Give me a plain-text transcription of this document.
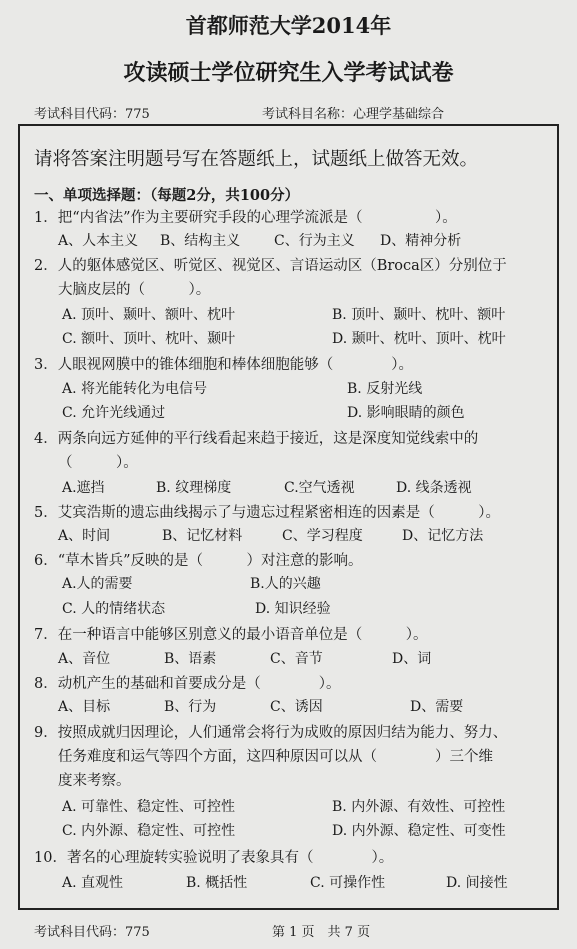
首都师范大学2014年
攻读硕士学位研究生入学考试试卷
考试科目代码：775	考试科目名称：心理学基础综合
请将答案注明题号写在答题纸上，试题纸上做答无效。
一、单项选择题：（每题2分，共100分）
1．把“内省法”作为主要研究手段的心理学流派是（　　　　　）。
A、人本主义 B、结构主义 C、行为主义 D、精神分析
2．人的躯体感觉区、听觉区、视觉区、言语运动区（Broca区）分别位于
大脑皮层的（　　　）。
A. 顶叶、颞叶、额叶、枕叶	B. 顶叶、颞叶、枕叶、额叶
C. 额叶、顶叶、枕叶、颞叶	D. 颞叶、枕叶、顶叶、枕叶
3．人眼视网膜中的锥体细胞和棒体细胞能够（　　　　）。
A. 将光能转化为电信号	B. 反射光线
C. 允许光线通过	D. 影响眼睛的颜色
4．两条向远方延伸的平行线看起来趋于接近，这是深度知觉线索中的
（　　　）。
A.遮挡	B. 纹理梯度	C.空气透视	D. 线条透视
5．艾宾浩斯的遗忘曲线揭示了与遗忘过程紧密相连的因素是（　　　）。
A、时间	B、记忆材料	C、学习程度	D、记忆方法
6．“草木皆兵”反映的是（　　　）对注意的影响。
A.人的需要	B.人的兴趣
C. 人的情绪状态	D. 知识经验
7．在一种语言中能够区别意义的最小语音单位是（　　　）。
A、音位	B、语素	C、音节	D、词
8．动机产生的基础和首要成分是（　　　　）。
A、目标	B、行为	C、诱因	D、需要
9．按照成就归因理论，人们通常会将行为成败的原因归结为能力、努力、
任务难度和运气等四个方面，这四种原因可以从（　　　　）三个维
度来考察。
A. 可靠性、稳定性、可控性	B. 内外源、有效性、可控性
C. 内外源、稳定性、可控性	D. 内外源、稳定性、可变性
10．著名的心理旋转实验说明了表象具有（　　　　）。
A. 直观性	B. 概括性	C. 可操作性	D. 间接性
考试科目代码：775	第 1 页　共 7 页
